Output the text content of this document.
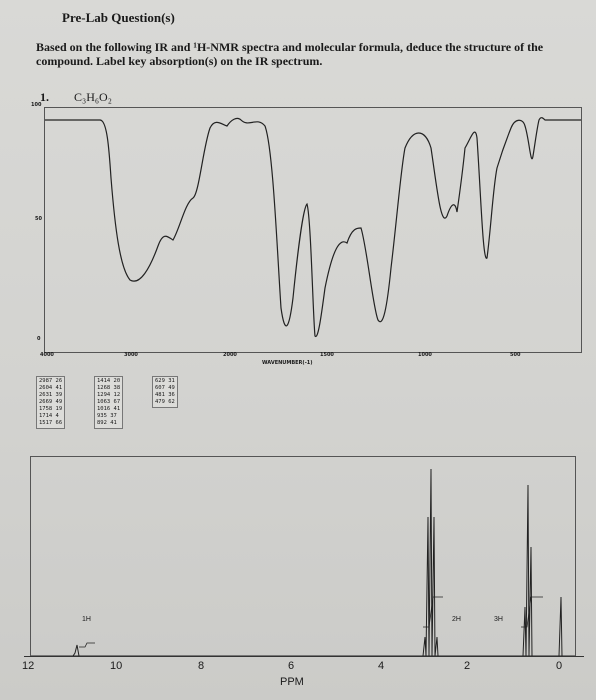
Pre-Lab Question(s)
Based on the following IR and ¹H-NMR spectra and molecular formula, deduce the structure of the compound. Label key absorption(s) on the IR spectrum.
1. C₃H₆O₂
100
50
0
4000	3000	2000	1500	1000	500
WAVENUMBER(-1)
2987 26
2604 41
2631 39
2669 49
1758 19
1714 4
1517 66
1414 20
1268 38
1294 12
1063 67
1016 41
935 37
892 41
629 31
607 49
481 36
479 62
1H	2H	3H
12	10	8	6	4	2	0
PPM
